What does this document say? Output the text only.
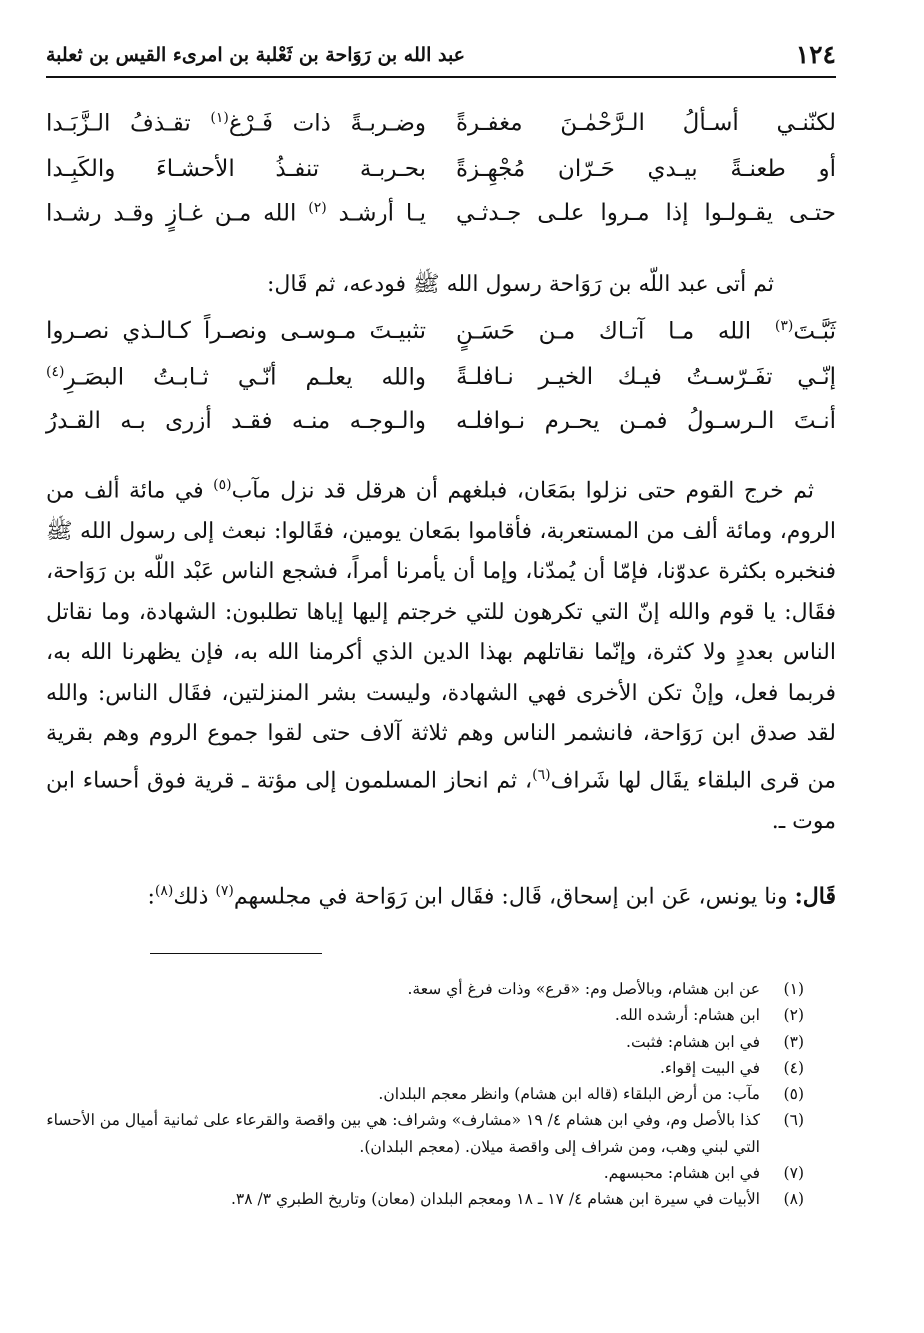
١٢٤
عبد الله بن رَوَاحة بن ثَعْلبة بن امرىء القيس بن ثعلبة
لكنّنـي أسـألُ الـرَّحْمٰـنَ مغفـرةً
وضـربـةً ذات فَـرْغ$^{(١)}$ تقـذفُ الـزَّبَـدا
أو طعنـةً بيـدي حَـرّان مُجْهِـزةً
بحـربـة تنفـذُ الأحشـاءَ والكَبِـدا
حتـى يقـولـوا إذا مـروا علـى جـدثـي
يـا أرشـد $^{(٢)}$ الله مـن غـازٍ وقـد رشـدا
ثم أتى عبد اللّه بن رَوَاحة رسول الله ﷺ فودعه، ثم قَال:
ثَبَّـتَ$^{(٣)}$ الله مـا آتـاك مـن حَسَـنٍ
تثبيـتَ مـوسـى ونصـراً كـالـذي نصـروا
إنّـي تفَـرّسـتُ فيـك الخيـر نـافلـةً
والله يعلـم أنّـي ثـابـتُ البصَـرِ$^{(٤)}$
أنـتَ الـرسـولُ فمـن يحـرم نـوافلـه
والـوجـه منـه فقـد أزرى بـه القـدرُ
 ثم خرج القوم حتى نزلوا بمَعَان، فبلغهم أن هرقل قد نزل مآب$^{(٥)}$ في مائة ألف من الروم، ومائة ألف من المستعربة، فأقاموا بمَعان يومين، فقَالوا: نبعث إلى رسول الله ﷺ فنخبره بكثرة عدوّنا، فإمّا أن يُمدّنا، وإما أن يأمرنا أمراً، فشجع الناس عَبْد اللّه بن رَوَاحة، فقَال: يا قوم والله إنّ التي تكرهون للتي خرجتم إليها إياها تطلبون: الشهادة، وما نقاتل الناس بعددٍ ولا كثرة، وإنّما نقاتلهم بهذا الدين الذي أكرمنا الله به، فإن يظهرنا الله به، فربما فعل، وإنْ تكن الأخرى فهي الشهادة، وليست بشر المنزلتين، فقَال الناس: والله لقد صدق ابن رَوَاحة، فانشمر الناس وهم ثلاثة آلاف حتى لقوا جموع الروم وهم بقرية من قرى البلقاء يقَال لها شَراف$^{(٦)}$، ثم انحاز المسلمون إلى مؤتة ـ قرية فوق أحساء ابن موت ـ.
قَال: ونا يونس، عَن ابن إسحاق، قَال: فقَال ابن رَوَاحة في مجلسهم$^{(٧)}$ ذلك$^{(٨)}$:
(١)
عن ابن هشام، وبالأصل وم: «قرع» وذات فرغ أي سعة.
(٢)
ابن هشام: أرشده الله.
(٣)
في ابن هشام: فثبت.
(٤)
في البيت إقواء.
(٥)
مآب: من أرض البلقاء (قاله ابن هشام) وانظر معجم البلدان.
(٦)
كذا بالأصل وم، وفي ابن هشام ٤/ ١٩ «مشارف» وشراف: هي بين واقصة والقرعاء على ثمانية أميال من الأحساء التي لبني وهب، ومن شراف إلى واقصة ميلان. (معجم البلدان).
(٧)
في ابن هشام: محبسهم.
(٨)
الأبيات في سيرة ابن هشام ٤/ ١٧ ـ ١٨ ومعجم البلدان (معان) وتاريخ الطبري ٣/ ٣٨.
